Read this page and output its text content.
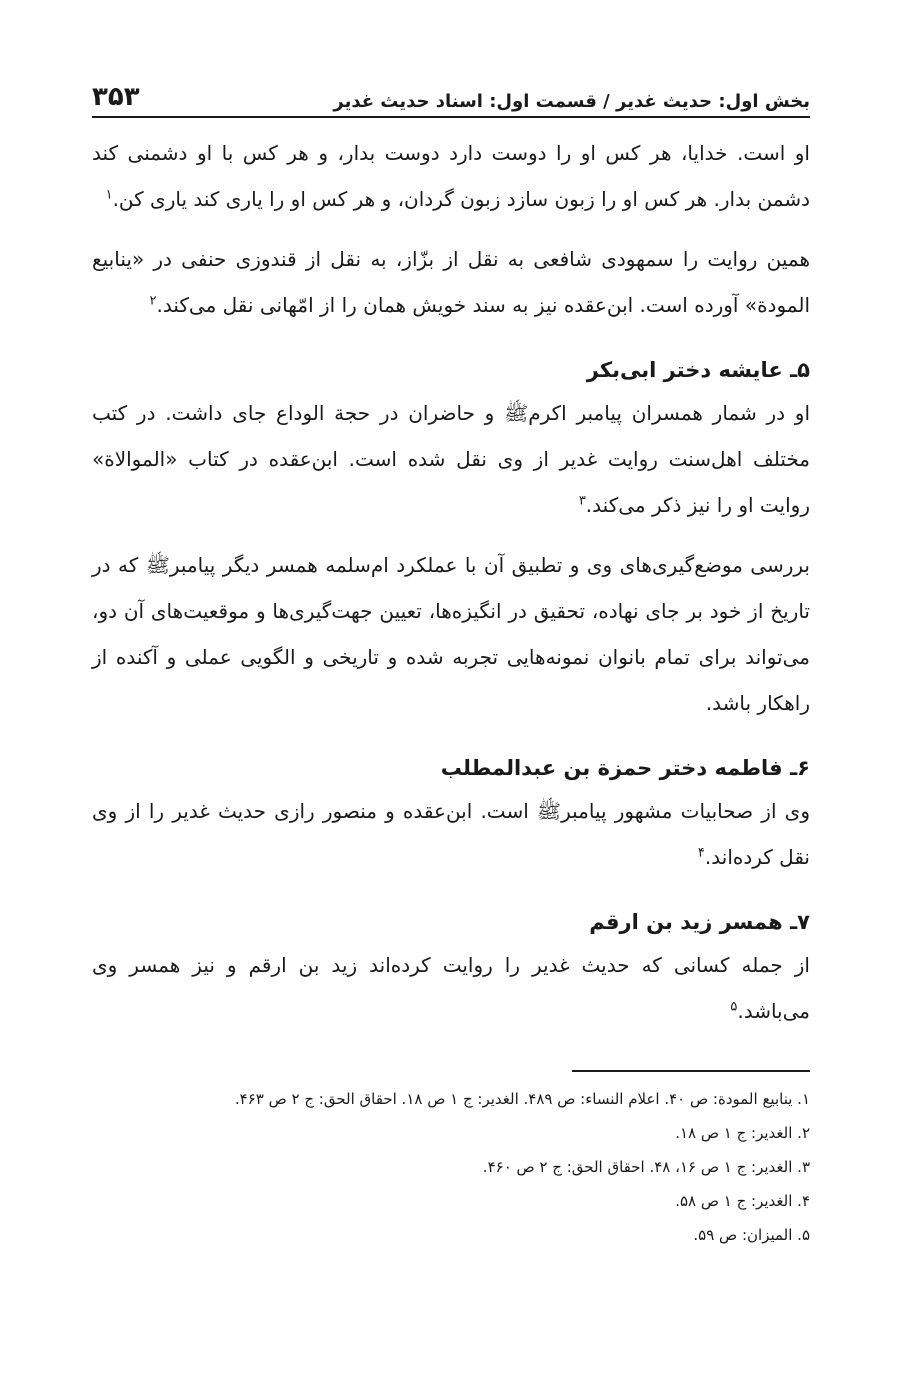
بخش اول: حدیث غدیر / قسمت اول: اسناد حدیث غدیر
۳۵۳

او است. خدایا، هر کس او را دوست دارد دوست بدار، و هر کس با او دشمنی کند دشمن بدار. هر کس او را زبون سازد زبون گردان، و هر کس او را یاری کند یاری کن.$^۱$

همین روایت را سمهودی شافعی به نقل از بزّاز، به نقل از قندوزی حنفی در «ینابیع المودة» آورده است. ابن‌عقده نیز به سند خویش همان را از امّهانی نقل می‌کند.$^۲$

۵ـ عایشه دختر ابی‌بکر

او در شمار همسران پیامبر اکرمﷺ و حاضران در حجة الوداع جای داشت. در کتب مختلف اهل‌سنت روایت غدیر از وی نقل شده است. ابن‌عقده در کتاب «الموالاة» روایت او را نیز ذکر می‌کند.$^۳$

بررسی موضع‌گیری‌های وی و تطبیق آن با عملکرد ام‌سلمه همسر دیگر پیامبرﷺ که در تاریخ از خود بر جای نهاده، تحقیق در انگیزه‌ها، تعیین جهت‌گیری‌ها و موقعیت‌های آن دو، می‌تواند برای تمام بانوان نمونه‌هایی تجربه شده و تاریخی و الگویی عملی و آکنده از راهکار باشد.

۶ـ فاطمه دختر حمزة بن عبدالمطلب

وی از صحابیات مشهور پیامبرﷺ است. ابن‌عقده و منصور رازی حدیث غدیر را از وی نقل کرده‌اند.$^۴$

۷ـ همسر زید بن ارقم

از جمله کسانی که حدیث غدیر را روایت کرده‌اند زید بن ارقم و نیز همسر وی می‌باشد.$^۵$

۱. ینابیع المودة: ص ۴۰. اعلام النساء: ص ۴۸۹. الغدیر: ج ۱ ص ۱۸. احقاق الحق: ج ۲ ص ۴۶۳.
۲. الغدیر: ج ۱ ص ۱۸.
۳. الغدیر: ج ۱ ص ۱۶، ۴۸. احقاق الحق: ج ۲ ص ۴۶۰.
۴. الغدیر: ج ۱ ص ۵۸.
۵. المیزان: ص ۵۹.
